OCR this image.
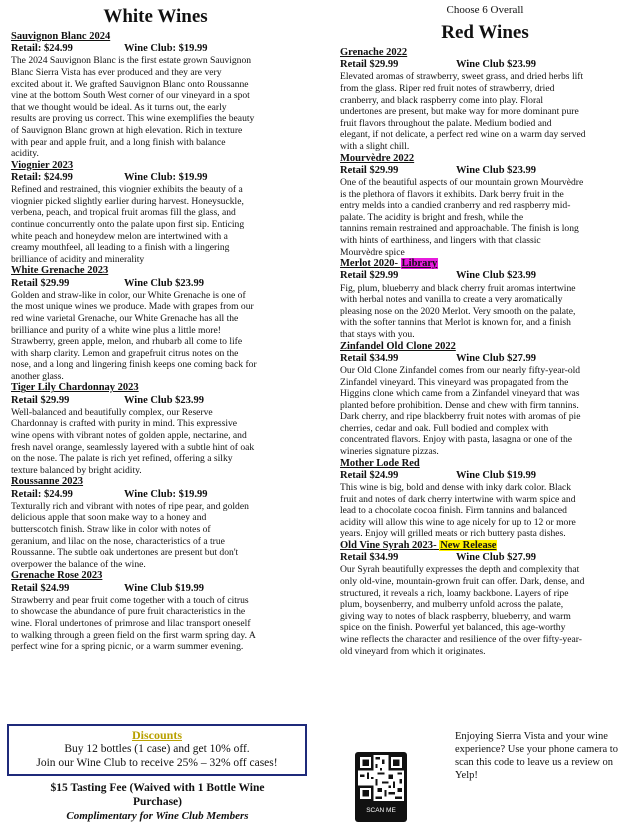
White Wines
Sauvignon Blanc 2024
Retail: $24.99	Wine Club: $19.99
The 2024 Sauvignon Blanc is the first estate grown Sauvignon
Blanc Sierra Vista has ever produced and they are very
excited about it. We grafted Sauvignon Blanc onto Roussanne
vine at the bottom South West corner of our vineyard in a spot
that we thought would be ideal. As it turns out, the early
results are proving us correct. This wine exemplifies the beauty
of Sauvignon Blanc grown at high elevation. Rich in texture
with pear and apple fruit, and a long finish with balance
acidity.
Viognier 2023
Retail: $24.99	Wine Club: $19.99
Refined and restrained, this viognier exhibits the beauty of a
viognier picked slightly earlier during harvest. Honeysuckle,
verbena, peach, and tropical fruit aromas fill the glass, and
continue concurrently onto the palate upon first sip. Enticing
white peach and honeydew melon are intertwined with a
creamy mouthfeel, all leading to a finish with a lingering
brilliance of acidity and minerality
White Grenache 2023
Retail $29.99	Wine Club $23.99
Golden and straw-like in color, our White Grenache is one of
the most unique wines we produce. Made with grapes from our
red wine varietal Grenache, our White Grenache has all the
brilliance and purity of a white wine plus a little more!
Strawberry, green apple, melon, and rhubarb all come to life
with sharp clarity. Lemon and grapefruit citrus notes on the
nose, and a long and lingering finish keeps one coming back for
another glass.
Tiger Lily Chardonnay 2023
Retail $29.99	Wine Club $23.99
Well-balanced and beautifully complex, our Reserve
Chardonnay is crafted with purity in mind. This expressive
wine opens with vibrant notes of golden apple, nectarine, and
fresh navel orange, seamlessly layered with a subtle hint of oak
on the nose. The palate is rich yet refined, offering a silky
texture balanced by bright acidity.
Roussanne 2023
Retail: $24.99	Wine Club: $19.99
Texturally rich and vibrant with notes of ripe pear, and golden
delicious apple that soon make way to a honey and
butterscotch finish. Straw like in color with notes of
geranium, and lilac on the nose, characteristics of a true
Roussanne. The subtle oak undertones are present but don't
overpower the balance of the wine.
Grenache Rose 2023
Retail $24.99	Wine Club $19.99
Strawberry and pear fruit come together with a touch of citrus
to showcase the abundance of pure fruit characteristics in the
wine. Floral undertones of primrose and lilac transport oneself
to walking through a green field on the first warm spring day. A
perfect wine for a spring picnic, or a warm summer evening.
Choose 6 Overall
Red Wines
Grenache 2022
Retail $29.99	Wine Club $23.99
Elevated aromas of strawberry, sweet grass, and dried herbs lift
from the glass. Riper red fruit notes of strawberry, dried
cranberry, and black raspberry come into play. Floral
undertones are present, but make way for more dominant pure
fruit flavors throughout the palate. Medium bodied and
elegant, if not delicate, a perfect red wine on a warm day served
with a slight chill.
Mourvèdre 2022
Retail $29.99	Wine Club $23.99
One of the beautiful aspects of our mountain grown Mourvèdre
is the plethora of flavors it exhibits. Dark berry fruit in the
entry melds into a candied cranberry and red raspberry mid-
palate. The acidity is bright and fresh, while the
tannins remain restrained and approachable. The finish is long
with hints of earthiness, and lingers with that classic
Mourvèdre spice
Merlot 2020- Library
Retail $29.99	Wine Club $23.99
Fig, plum, blueberry and black cherry fruit aromas intertwine
with herbal notes and vanilla to create a very aromatically
pleasing nose on the 2020 Merlot. Very smooth on the palate,
with the softer tannins that Merlot is known for, and a finish
that stays with you.
Zinfandel Old Clone 2022
Retail $34.99	Wine Club $27.99
Our Old Clone Zinfandel comes from our nearly fifty-year-old
Zinfandel vineyard. This vineyard was propagated from the
Higgins clone which came from a Zinfandel vineyard that was
planted before prohibition. Dense and chew with firm tannins.
Dark cherry, and ripe blackberry fruit notes with aromas of pie
cherries, cedar and oak. Full bodied and complex with
concentrated flavors. Enjoy with pasta, lasagna or one of the
wineries signature pizzas.
Mother Lode Red
Retail $24.99	Wine Club $19.99
This wine is big, bold and dense with inky dark color. Black
fruit and notes of dark cherry intertwine with warm spice and
lead to a chocolate cocoa finish. Firm tannins and balanced
acidity will allow this wine to age nicely for up to 12 or more
years. Enjoy will grilled meats or rich buttery pasta dishes.
Old Vine Syrah 2023- New Release
Retail $34.99	Wine Club $27.99
Our Syrah beautifully expresses the depth and complexity that
only old-vine, mountain-grown fruit can offer. Dark, dense, and
structured, it reveals a rich, loamy backbone. Layers of ripe
plum, boysenberry, and mulberry unfold across the palate,
giving way to notes of black raspberry, blueberry, and warm
spice on the finish. Powerful yet balanced, this age-worthy
wine reflects the character and resilience of the over fifty-year-
old vineyard from which it originates.
Discounts
Buy 12 bottles (1 case) and get 10% off.
Join our Wine Club to receive 25% – 32% off cases!
$15 Tasting Fee (Waived with 1 Bottle Wine
Purchase)
Complimentary for Wine Club Members	SCAN ME
Enjoying Sierra Vista and your wine experience? Use your phone camera to scan this code to leave us a review on Yelp!
